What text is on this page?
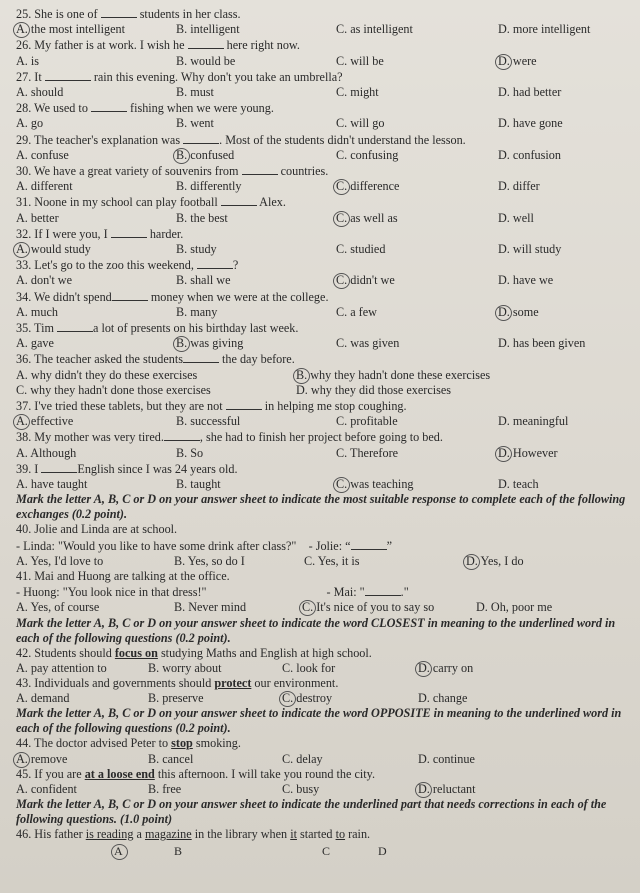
25. She is one of	students in her class.
A. the most intelligent	B. intelligent	C. as intelligent	D. more intelligent
26. My father is at work. I wish he	here right now.
A. is	B. would be	C. will be	D. were
27. It	rain this evening. Why don't you take an umbrella?
A. should	B. must	C. might	D. had better
28. We used to	fishing when we were young.
A. go	B. went	C. will go	D. have gone
29. The teacher's explanation was	. Most of the students didn't understand the lesson.
A. confuse	B. confused	C. confusing	D. confusion
30. We have a great variety of souvenirs from	countries.
A. different	B. differently	C. difference	D. differ
31. Noone in my school can play football	Alex.
A. better	B. the best	C. as well as	D. well
32. If I were you, I	harder.
A. would study	B. study	C. studied	D. will study
33. Let's go to the zoo this weekend,	?
A. don't we	B. shall we	C. didn't we	D. have we
34. We didn't spend	money when we were at the college.
A. much	B. many	C. a few	D. some
35. Tim	a lot of presents on his birthday last week.
A. gave	B. was giving	C. was given	D. has been given
36. The teacher asked the students	the day before.
A. why didn't they do these exercises	B. why they hadn't done these exercises
C. why they hadn't done those exercises	D. why they did those exercises
37. I've tried these tablets, but they are not	in helping me stop coughing.
A. effective	B. successful	C. profitable	D. meaningful
38. My mother was very tired.	, she had to finish her project before going to bed.
A. Although	B. So	C. Therefore	D. However
39. I	English since I was 24 years old.
A. have taught	B. taught	C. was teaching	D. teach
Mark the letter A, B, C or D on your answer sheet to indicate the most suitable response to complete each of the following exchanges (0.2 point).
40. Jolie and Linda are at school.
- Linda: "Would you like to have some drink after class?" - Jolie: “	”
A. Yes, I'd love to	B. Yes, so do I	C. Yes, it is	D. Yes, I do
41. Mai and Huong are talking at the office.
- Huong: "You look nice in that dress!"	- Mai: "	."
A. Yes, of course	B. Never mind	C. It's nice of you to say so	D. Oh, poor me
Mark the letter A, B, C or D on your answer sheet to indicate the word CLOSEST in meaning to the underlined word in each of the following questions (0.2 point).
42. Students should focus on studying Maths and English at high school.
A. pay attention to	B. worry about	C. look for	D. carry on
43. Individuals and governments should protect our environment.
A. demand	B. preserve	C. destroy	D. change
Mark the letter A, B, C or D on your answer sheet to indicate the word OPPOSITE in meaning to the underlined word in each of the following questions (0.2 point).
44. The doctor advised Peter to stop smoking.
A. remove	B. cancel	C. delay	D. continue
45. If you are at a loose end this afternoon. I will take you round the city.
A. confident	B. free	C. busy	D. reluctant
Mark the letter A, B, C or D on your answer sheet to indicate the underlined part that needs corrections in each of the following questions. (1.0 point)
46. His father is reading a magazine in the library when it started to rain.
A	B	C	D
